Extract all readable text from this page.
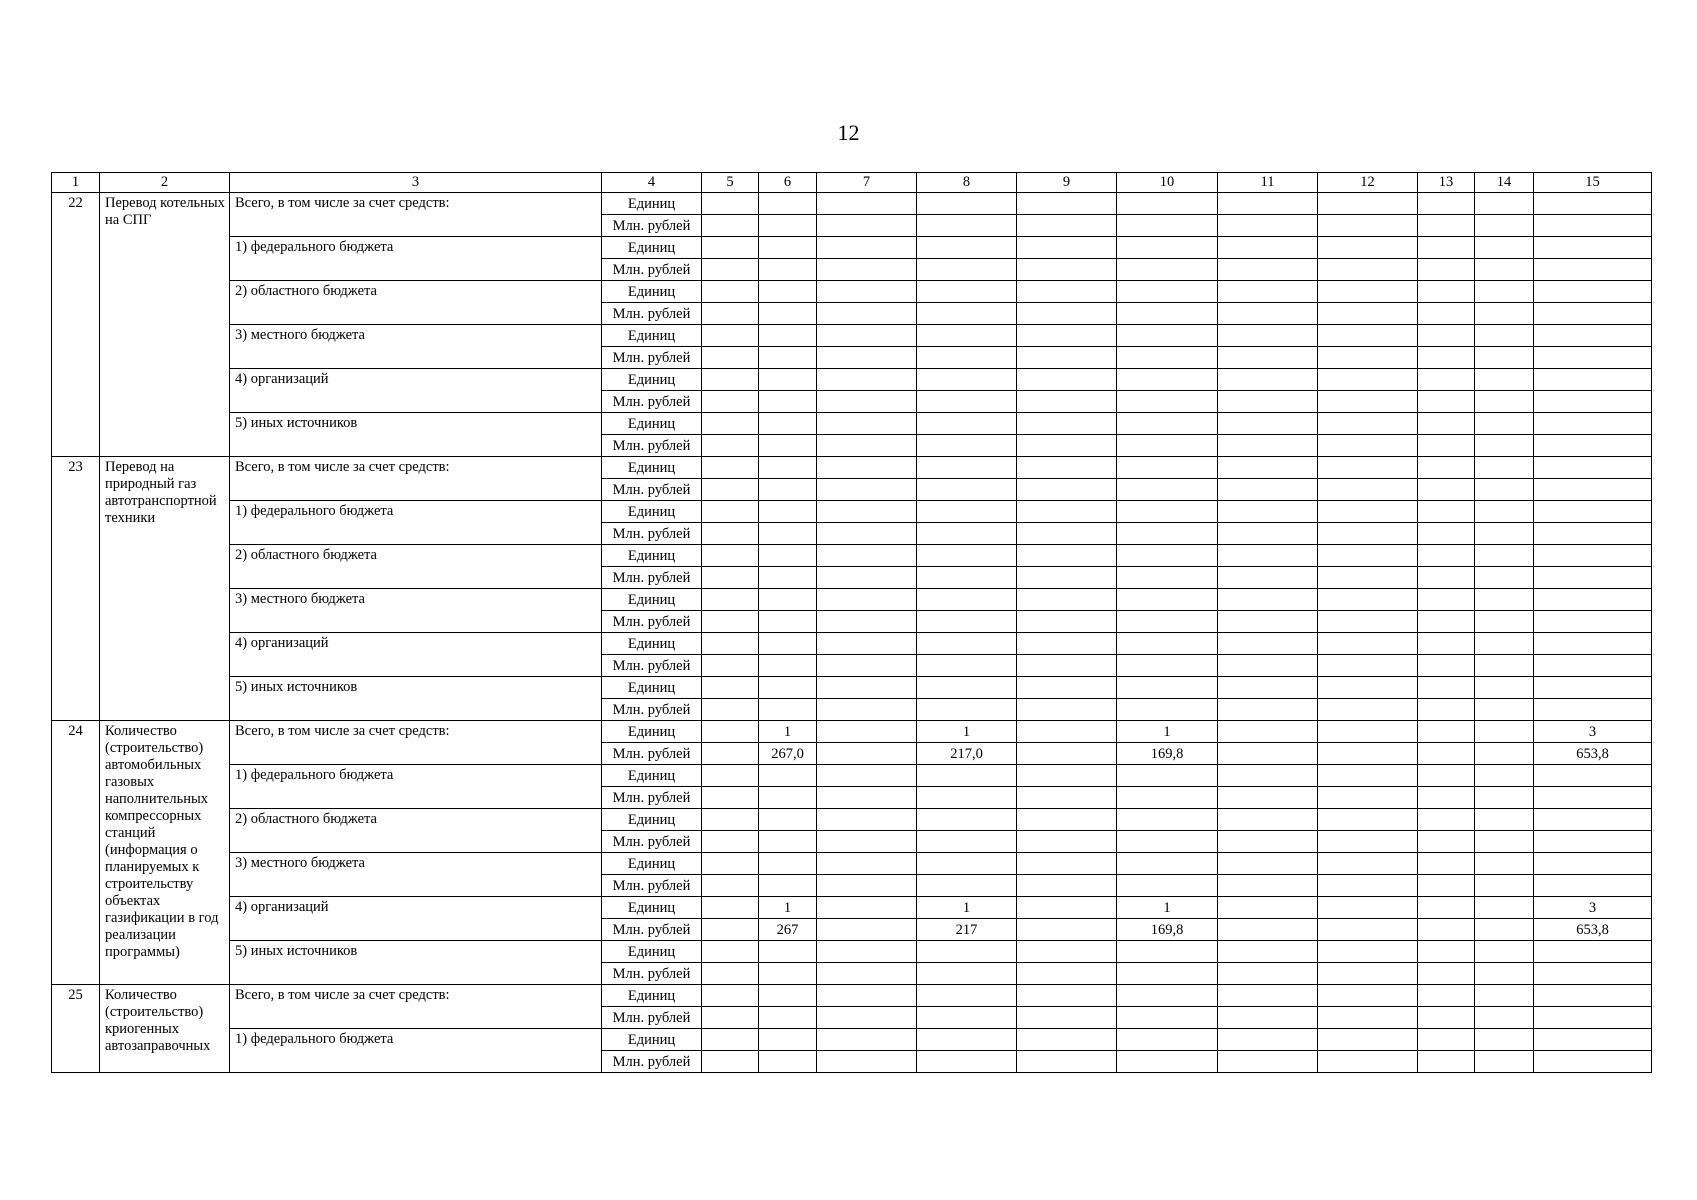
12
1	2	3	4	5	6	7	8	9	10	11	12	13	14	15
22	Перевод котельных на СПГ	Всего, в том числе за счет средств:	Единиц											
			Млн. рублей											
		1) федерального бюджета	Единиц											
			Млн. рублей											
		2) областного бюджета	Единиц											
			Млн. рублей											
		3) местного бюджета	Единиц											
			Млн. рублей											
		4) организаций	Единиц											
			Млн. рублей											
		5) иных источников	Единиц											
			Млн. рублей											
23	Перевод на природный газ автотранспортной техники	Всего, в том числе за счет средств:	Единиц											
			Млн. рублей											
		1) федерального бюджета	Единиц											
			Млн. рублей											
		2) областного бюджета	Единиц											
			Млн. рублей											
		3) местного бюджета	Единиц											
			Млн. рублей											
		4) организаций	Единиц											
			Млн. рублей											
		5) иных источников	Единиц											
			Млн. рублей											
24	Количество (строительство) автомобильных газовых наполнительных компрессорных станций (информация о планируемых к строительству объектах газификации в год реализации программы)	Всего, в том числе за счет средств:	Единиц		1		1		1					3
			Млн. рублей		267,0		217,0		169,8					653,8
		1) федерального бюджета	Единиц											
			Млн. рублей											
		2) областного бюджета	Единиц											
			Млн. рублей											
		3) местного бюджета	Единиц											
			Млн. рублей											
		4) организаций	Единиц		1		1		1					3
			Млн. рублей		267		217		169,8					653,8
		5) иных источников	Единиц											
			Млн. рублей											
25	Количество (строительство) криогенных автозаправочных	Всего, в том числе за счет средств:	Единиц											
			Млн. рублей											
		1) федерального бюджета	Единиц											
			Млн. рублей											
